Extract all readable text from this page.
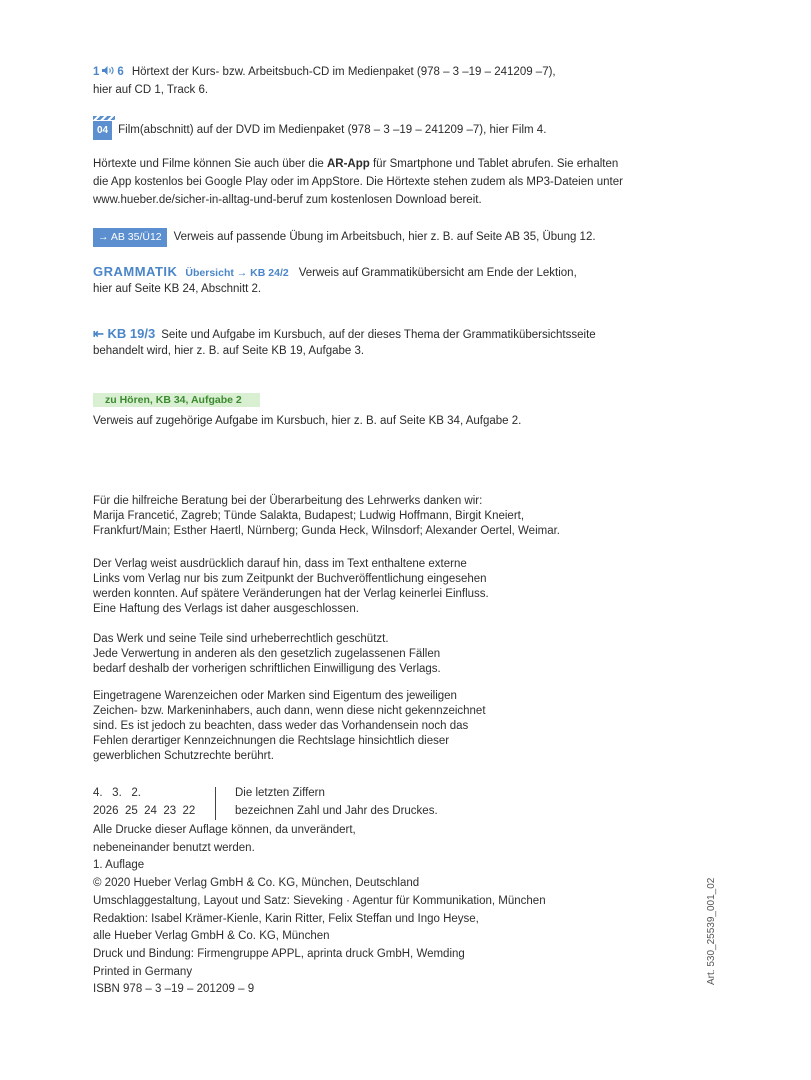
1 6 Hörtext der Kurs- bzw. Arbeitsbuch-CD im Medienpaket (978 – 3 –19 – 241209 –7),
hier auf CD 1, Track 6.
04 Film(abschnitt) auf der DVD im Medienpaket (978 – 3 –19 – 241209 –7), hier Film 4.
Hörtexte und Filme können Sie auch über die AR-App für Smartphone und Tablet abrufen. Sie erhalten
die App kostenlos bei Google Play oder im AppStore. Die Hörtexte stehen zudem als MP3-Dateien unter
www.hueber.de/sicher-in-alltag-und-beruf zum kostenlosen Download bereit.
→ AB 35/Ü12 Verweis auf passende Übung im Arbeitsbuch, hier z. B. auf Seite AB 35, Übung 12.
GRAMMATIK Übersicht → KB 24/2 Verweis auf Grammatikübersicht am Ende der Lektion,
hier auf Seite KB 24, Abschnitt 2.
⇤ KB 19/3 Seite und Aufgabe im Kursbuch, auf der dieses Thema der Grammatikübersichtsseite
behandelt wird, hier z. B. auf Seite KB 19, Aufgabe 3.
zu Hören, KB 34, Aufgabe 2
Verweis auf zugehörige Aufgabe im Kursbuch, hier z. B. auf Seite KB 34, Aufgabe 2.
Für die hilfreiche Beratung bei der Überarbeitung des Lehrwerks danken wir:
Marija Francetić, Zagreb; Tünde Salakta, Budapest; Ludwig Hoffmann, Birgit Kneiert,
Frankfurt/Main; Esther Haertl, Nürnberg; Gunda Heck, Wilnsdorf; Alexander Oertel, Weimar.
Der Verlag weist ausdrücklich darauf hin, dass im Text enthaltene externe
Links vom Verlag nur bis zum Zeitpunkt der Buchveröffentlichung eingesehen
werden konnten. Auf spätere Veränderungen hat der Verlag keinerlei Einfluss.
Eine Haftung des Verlags ist daher ausgeschlossen.
Das Werk und seine Teile sind urheberrechtlich geschützt.
Jede Verwertung in anderen als den gesetzlich zugelassenen Fällen
bedarf deshalb der vorherigen schriftlichen Einwilligung des Verlags.
Eingetragene Warenzeichen oder Marken sind Eigentum des jeweiligen
Zeichen- bzw. Markeninhabers, auch dann, wenn diese nicht gekennzeichnet
sind. Es ist jedoch zu beachten, dass weder das Vorhandensein noch das
Fehlen derartiger Kennzeichnungen die Rechtslage hinsichtlich dieser
gewerblichen Schutzrechte berührt.
4.   3.   2.
2026  25  24  23  22
Die letzten Ziffern
bezeichnen Zahl und Jahr des Druckes.
Alle Drucke dieser Auflage können, da unverändert,
nebeneinander benutzt werden.
1. Auflage
© 2020 Hueber Verlag GmbH & Co. KG, München, Deutschland
Umschlaggestaltung, Layout und Satz: Sieveking · Agentur für Kommunikation, München
Redaktion: Isabel Krämer-Kienle, Karin Ritter, Felix Steffan und Ingo Heyse,
alle Hueber Verlag GmbH & Co. KG, München
Druck und Bindung: Firmengruppe APPL, aprinta druck GmbH, Wemding
Printed in Germany
ISBN 978 – 3 –19 – 201209 – 9
Art. 530_25539_001_02
